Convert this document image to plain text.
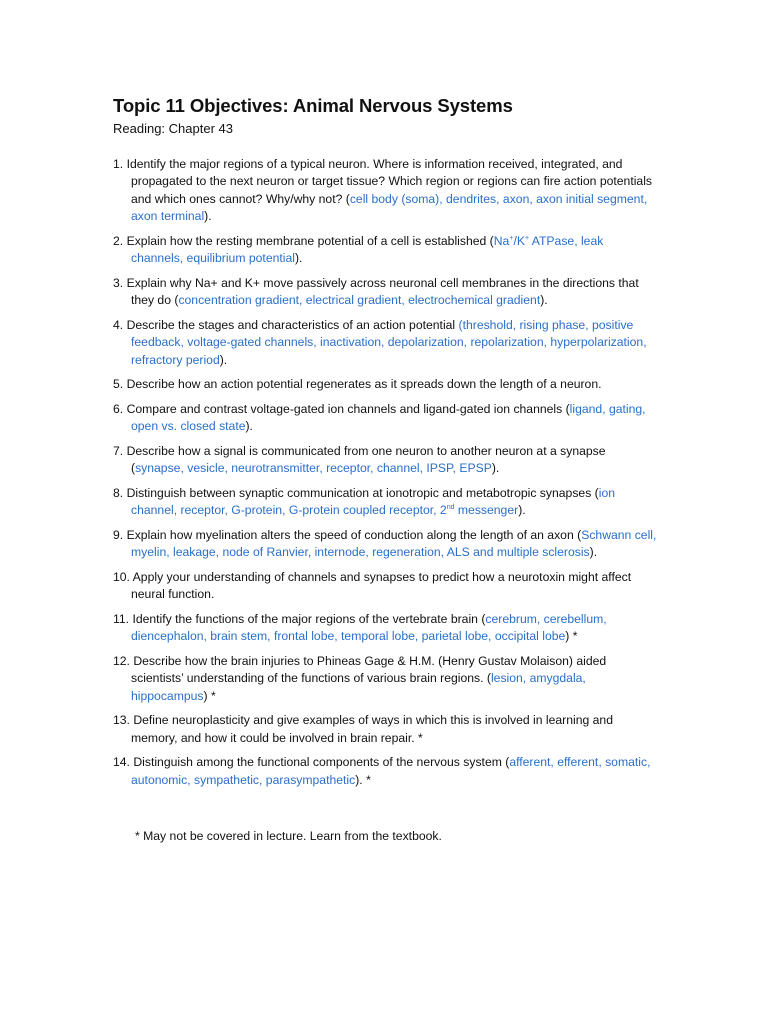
Topic 11 Objectives: Animal Nervous Systems

Reading: Chapter 43

1. Identify the major regions of a typical neuron. Where is information received, integrated, and propagated to the next neuron or target tissue? Which region or regions can fire action potentials and which ones cannot? Why/why not? (cell body (soma), dendrites, axon, axon initial segment, axon terminal).
2. Explain how the resting membrane potential of a cell is established (Na+/K+ ATPase, leak channels, equilibrium potential).
3. Explain why Na+ and K+ move passively across neuronal cell membranes in the directions that they do (concentration gradient, electrical gradient, electrochemical gradient).
4. Describe the stages and characteristics of an action potential (threshold, rising phase, positive feedback, voltage-gated channels, inactivation, depolarization, repolarization, hyperpolarization, refractory period).
5. Describe how an action potential regenerates as it spreads down the length of a neuron.
6. Compare and contrast voltage-gated ion channels and ligand-gated ion channels (ligand, gating, open vs. closed state).
7. Describe how a signal is communicated from one neuron to another neuron at a synapse (synapse, vesicle, neurotransmitter, receptor, channel, IPSP, EPSP).
8. Distinguish between synaptic communication at ionotropic and metabotropic synapses (ion channel, receptor, G-protein, G-protein coupled receptor, 2nd messenger).
9. Explain how myelination alters the speed of conduction along the length of an axon (Schwann cell, myelin, leakage, node of Ranvier, internode, regeneration, ALS and multiple sclerosis).
10. Apply your understanding of channels and synapses to predict how a neurotoxin might affect neural function.
11. Identify the functions of the major regions of the vertebrate brain (cerebrum, cerebellum, diencephalon, brain stem, frontal lobe, temporal lobe, parietal lobe, occipital lobe) *
12. Describe how the brain injuries to Phineas Gage & H.M. (Henry Gustav Molaison) aided scientists’ understanding of the functions of various brain regions. (lesion, amygdala, hippocampus) *
13. Define neuroplasticity and give examples of ways in which this is involved in learning and memory, and how it could be involved in brain repair. *
14. Distinguish among the functional components of the nervous system (afferent, efferent, somatic, autonomic, sympathetic, parasympathetic). *

* May not be covered in lecture. Learn from the textbook.
